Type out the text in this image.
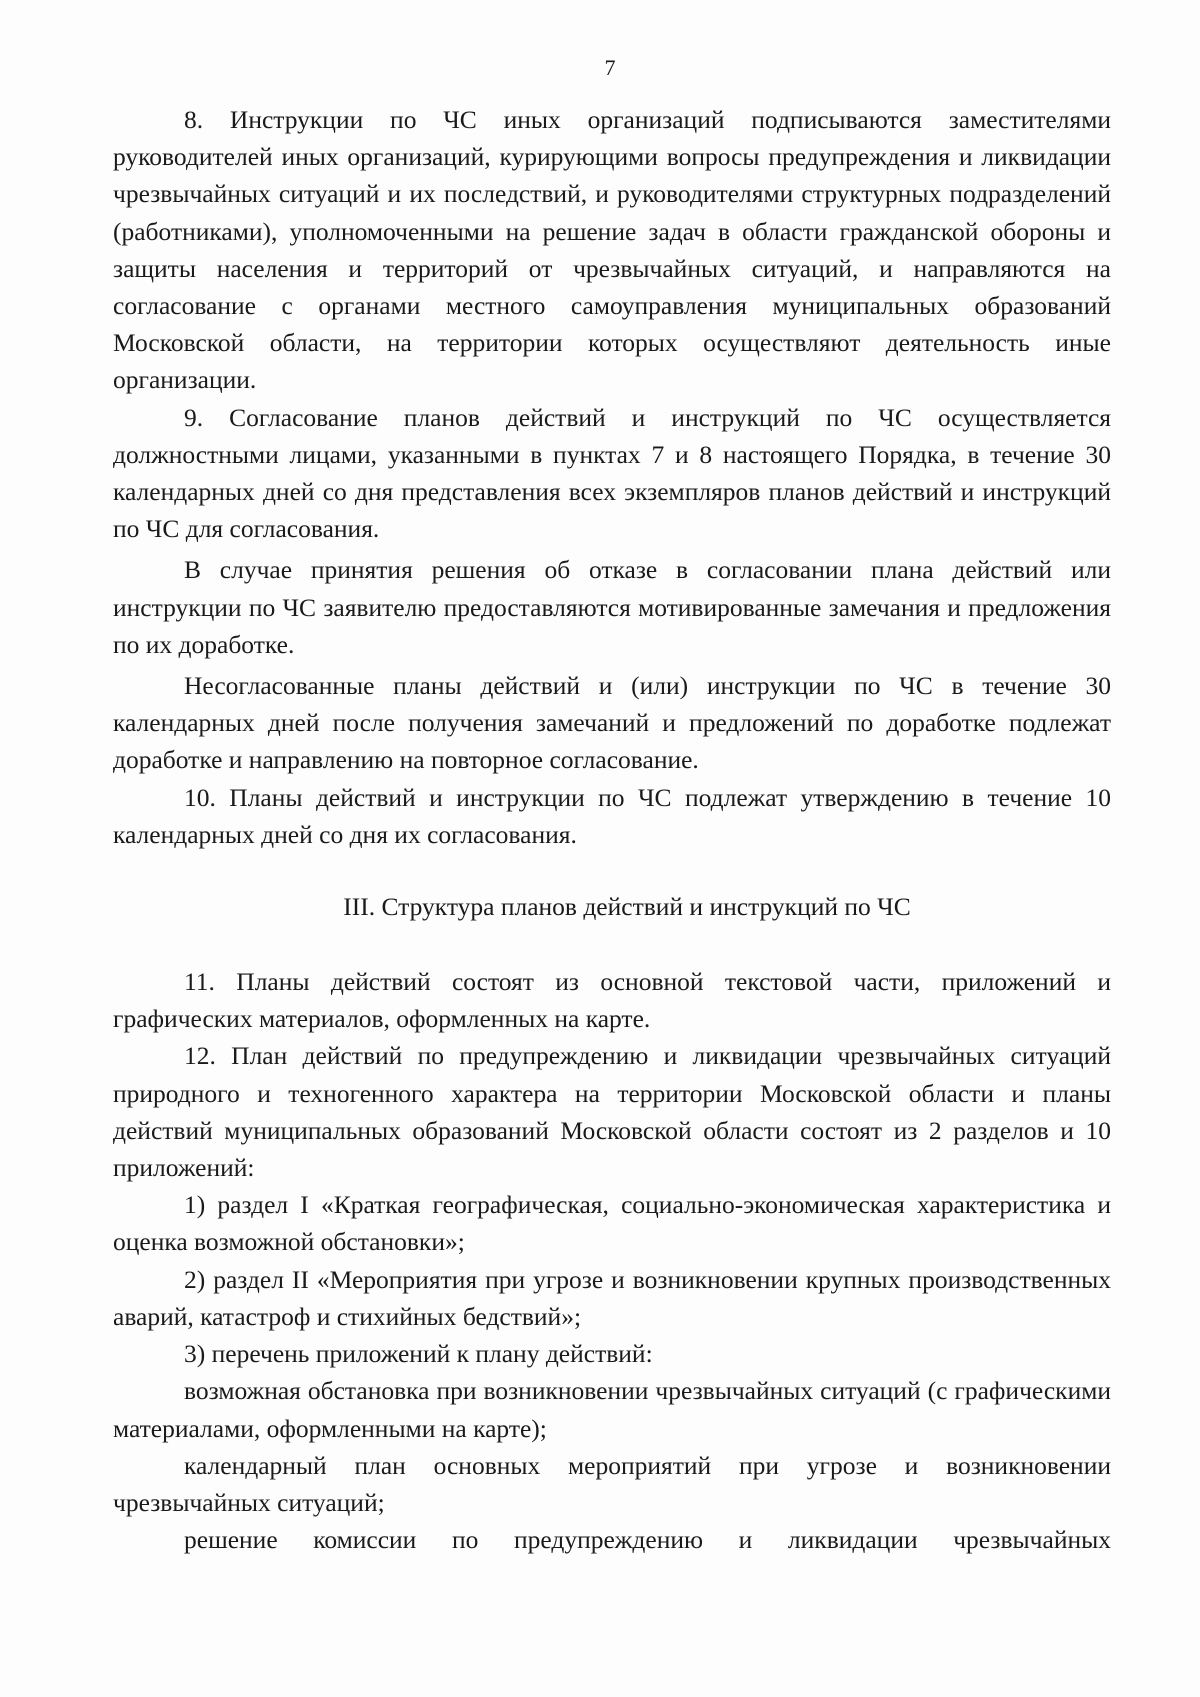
7

8. Инструкции по ЧС иных организаций подписываются заместителями руководителей иных организаций, курирующими вопросы предупреждения и ликвидации чрезвычайных ситуаций и их последствий, и руководителями структурных подразделений (работниками), уполномоченными на решение задач в области гражданской обороны и защиты населения и территорий от чрезвычайных ситуаций, и направляются на согласование с органами местного самоуправления муниципальных образований Московской области, на территории которых осуществляют деятельность иные организации.

9. Согласование планов действий и инструкций по ЧС осуществляется должностными лицами, указанными в пунктах 7 и 8 настоящего Порядка, в течение 30 календарных дней со дня представления всех экземпляров планов действий и инструкций по ЧС для согласования.

В случае принятия решения об отказе в согласовании плана действий или инструкции по ЧС заявителю предоставляются мотивированные замечания и предложения по их доработке.

Несогласованные планы действий и (или) инструкции по ЧС в течение 30 календарных дней после получения замечаний и предложений по доработке подлежат доработке и направлению на повторное согласование.

10. Планы действий и инструкции по ЧС подлежат утверждению в течение 10 календарных дней со дня их согласования.

III. Структура планов действий и инструкций по ЧС

11. Планы действий состоят из основной текстовой части, приложений и графических материалов, оформленных на карте.

12. План действий по предупреждению и ликвидации чрезвычайных ситуаций природного и техногенного характера на территории Московской области и планы действий муниципальных образований Московской области состоят из 2 разделов и 10 приложений:

1) раздел I «Краткая географическая, социально-экономическая характеристика и оценка возможной обстановки»;

2) раздел II «Мероприятия при угрозе и возникновении крупных производственных аварий, катастроф и стихийных бедствий»;

3) перечень приложений к плану действий:

возможная обстановка при возникновении чрезвычайных ситуаций (с графическими материалами, оформленными на карте);

календарный план основных мероприятий при угрозе и возникновении чрезвычайных ситуаций;

решение комиссии по предупреждению и ликвидации чрезвычайных
